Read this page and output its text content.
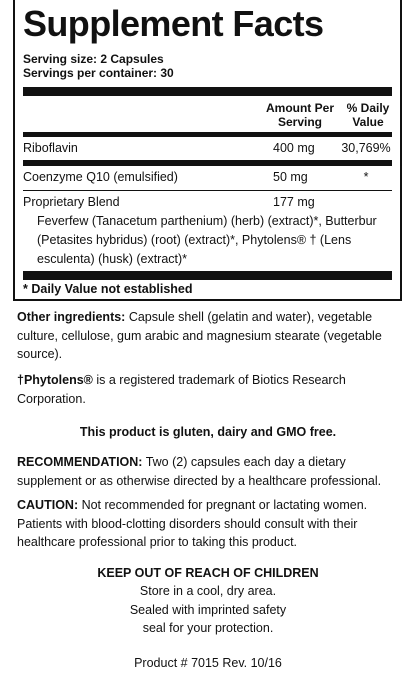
Supplement Facts
Serving size: 2 Capsules
Servings per container: 30
Amount Per Serving
% Daily Value
Riboflavin	400 mg	30,769%
Coenzyme Q10 (emulsified)	50 mg	*
Proprietary Blend	177 mg
Feverfew (Tanacetum parthenium) (herb) (extract)*, Butterbur (Petasites hybridus) (root) (extract)*, Phytolens® † (Lens esculenta) (husk) (extract)*
* Daily Value not established
Other ingredients: Capsule shell (gelatin and water), vegetable culture, cellulose, gum arabic and magnesium stearate (vegetable source).
†Phytolens® is a registered trademark of Biotics Research Corporation.
This product is gluten, dairy and GMO free.
RECOMMENDATION: Two (2) capsules each day a dietary supplement or as otherwise directed by a healthcare professional.
CAUTION: Not recommended for pregnant or lactating women. Patients with blood-clotting disorders should consult with their healthcare professional prior to taking this product.
KEEP OUT OF REACH OF CHILDREN
Store in a cool, dry area.
Sealed with imprinted safety
seal for your protection.
Product # 7015 Rev. 10/16
